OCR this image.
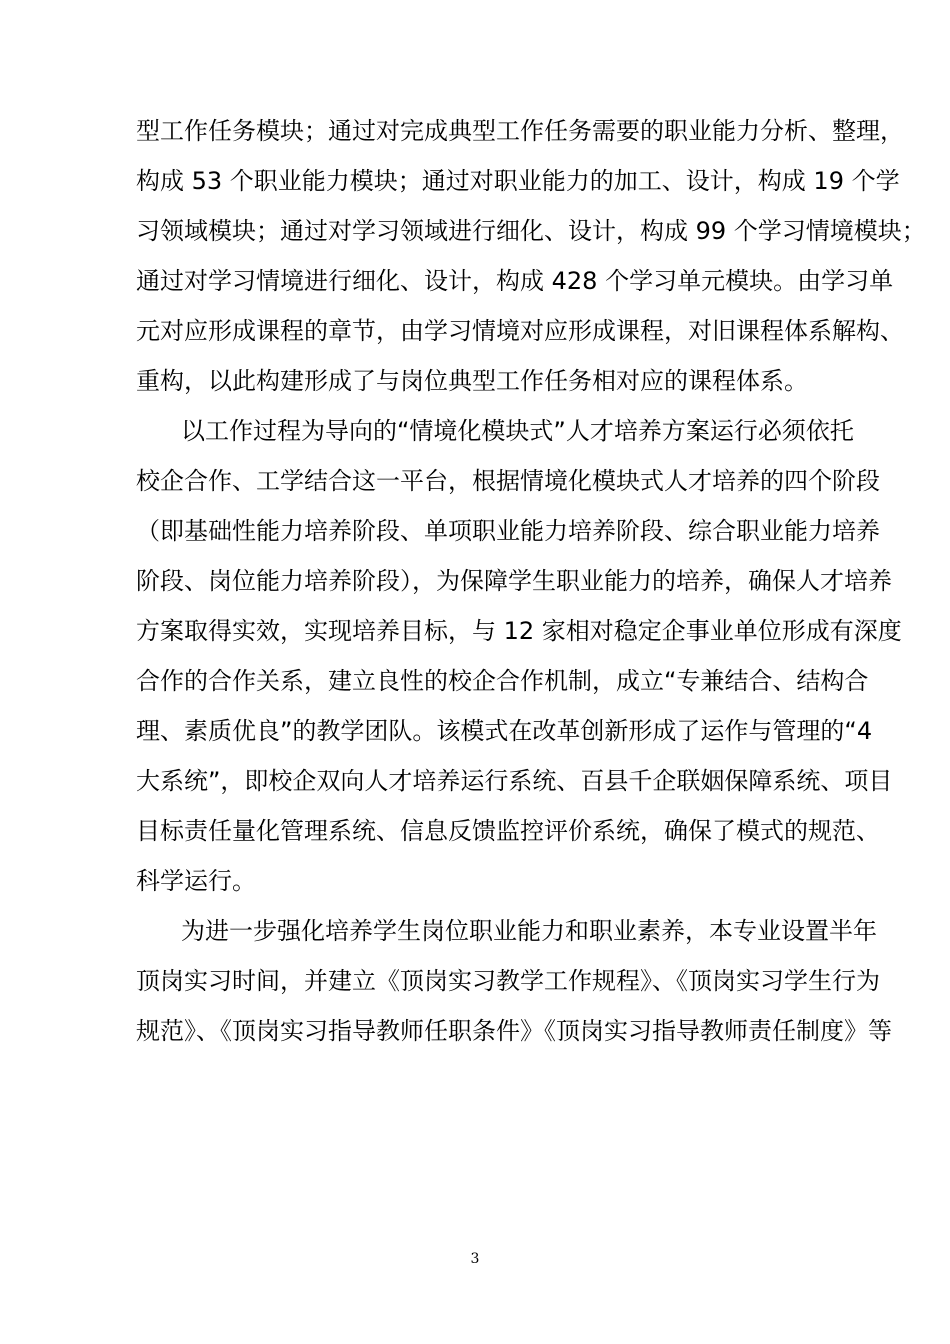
型工作任务模块；通过对完成典型工作任务需要的职业能力分析、整理，
构成 53 个职业能力模块；通过对职业能力的加工、设计，构成 19 个学
习领域模块；通过对学习领域进行细化、设计，构成 99 个学习情境模块；
通过对学习情境进行细化、设计，构成 428 个学习单元模块。由学习单
元对应形成课程的章节，由学习情境对应形成课程，对旧课程体系解构、
重构，以此构建形成了与岗位典型工作任务相对应的课程体系。
以工作过程为导向的“情境化模块式”人才培养方案运行必须依托
校企合作、工学结合这一平台，根据情境化模块式人才培养的四个阶段
（即基础性能力培养阶段、单项职业能力培养阶段、综合职业能力培养
阶段、岗位能力培养阶段），为保障学生职业能力的培养，确保人才培养
方案取得实效，实现培养目标，与 12 家相对稳定企事业单位形成有深度
合作的合作关系，建立良性的校企合作机制，成立“专兼结合、结构合
理、素质优良”的教学团队。该模式在改革创新形成了运作与管理的“4
大系统”，即校企双向人才培养运行系统、百县千企联姻保障系统、项目
目标责任量化管理系统、信息反馈监控评价系统，确保了模式的规范、
科学运行。
为进一步强化培养学生岗位职业能力和职业素养，本专业设置半年
顶岗实习时间，并建立《顶岗实习教学工作规程》、《顶岗实习学生行为
规范》、《顶岗实习指导教师任职条件》《顶岗实习指导教师责任制度》等
3
